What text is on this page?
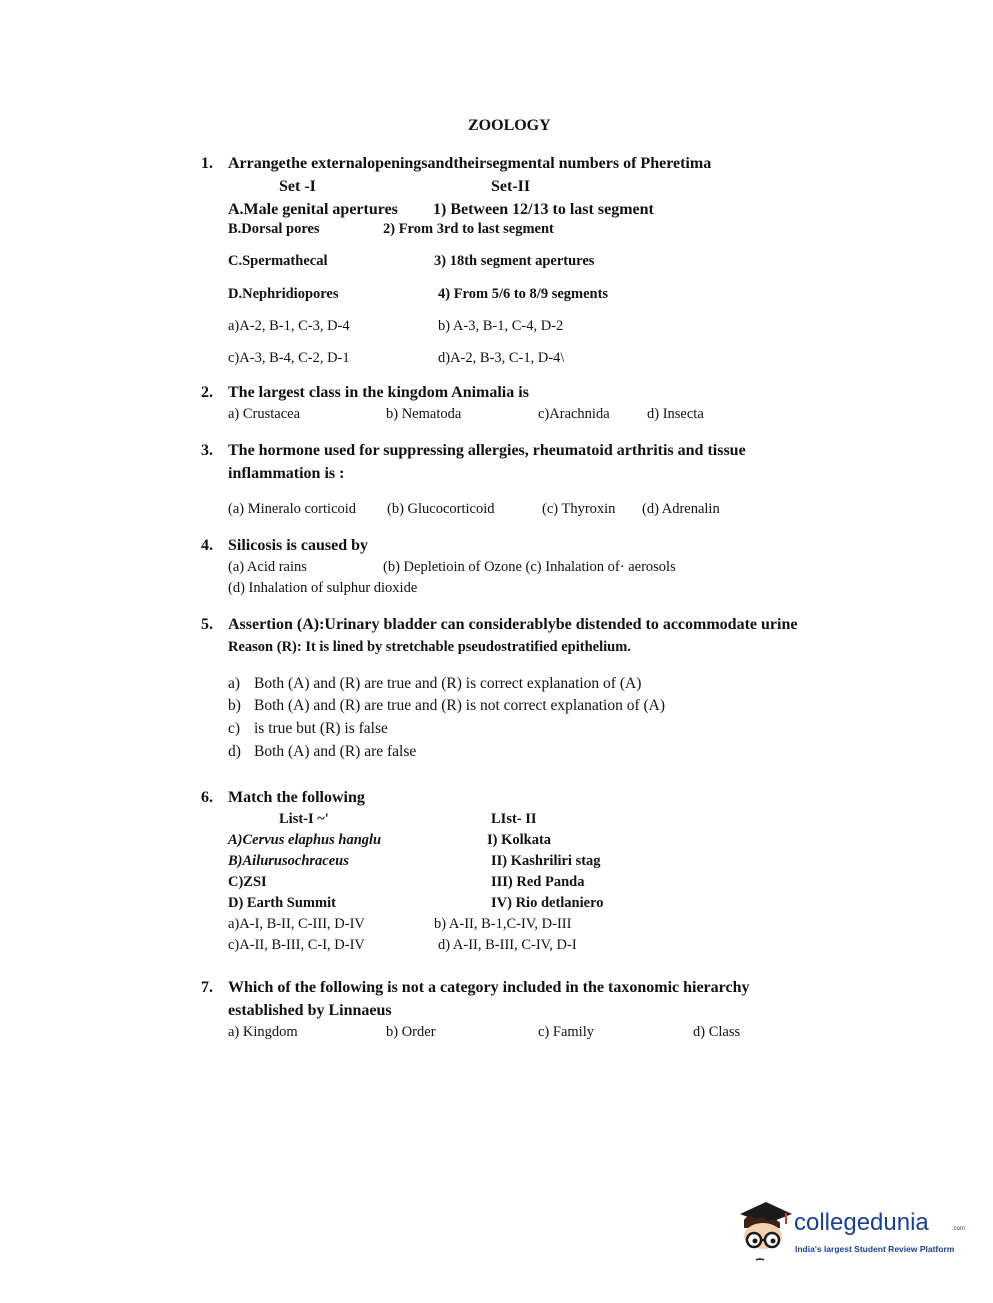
ZOOLOGY
1. Arrangethe externalopeningsandtheirsegmental numbers of Pheretima
Set -I	Set-II
A.Male genital apertures 1) Between 12/13 to last segment
B.Dorsal pores	2) From 3rd to last segment
C.Spermathecal	3) 18th segment apertures
D.Nephridiopores	4) From 5/6 to 8/9 segments
a)A-2, B-1, C-3, D-4	b) A-3, B-1, C-4, D-2
c)A-3, B-4, C-2, D-1	d)A-2, B-3, C-1, D-4\
2. The largest class in the kingdom Animalia is
a) Crustacea	b) Nematoda	c)Arachnida	d) Insecta
3. The hormone used for suppressing allergies, rheumatoid arthritis and tissue
inflammation is :
(a) Mineralo corticoid (b) Glucocorticoid	(c) Thyroxin (d) Adrenalin
4. Silicosis is caused by
(a) Acid rains	(b) Depletioin of Ozone (c) Inhalation of· aerosols
(d) Inhalation of sulphur dioxide
5. Assertion (A):Urinary bladder can considerablybe distended to accommodate urine
Reason (R): It is lined by stretchable pseudostratified epithelium.
a) Both (A) and (R) are true and (R) is correct explanation of (A)
b) Both (A) and (R) are true and (R) is not correct explanation of (A)
c) is true but (R) is false
d) Both (A) and (R) are false
6. Match the following
List-I ~'	LIst- II
A)Cervus elaphus hanglu	I) Kolkata
B)Ailurusochraceus	II) Kashriliri stag
C)ZSI	III) Red Panda
D) Earth Summit	IV) Rio detlaniero
a)A-I, B-II, C-III, D-IV	b) A-II, B-1,C-IV, D-III
c)A-II, B-III, C-I, D-IV	d) A-II, B-III, C-IV, D-I
7. Which of the following is not a category included in the taxonomic hierarchy
established by Linnaeus
a) Kingdom	b) Order	c) Family	d) Class
collegedunia	.com
India's largest Student Review Platform
